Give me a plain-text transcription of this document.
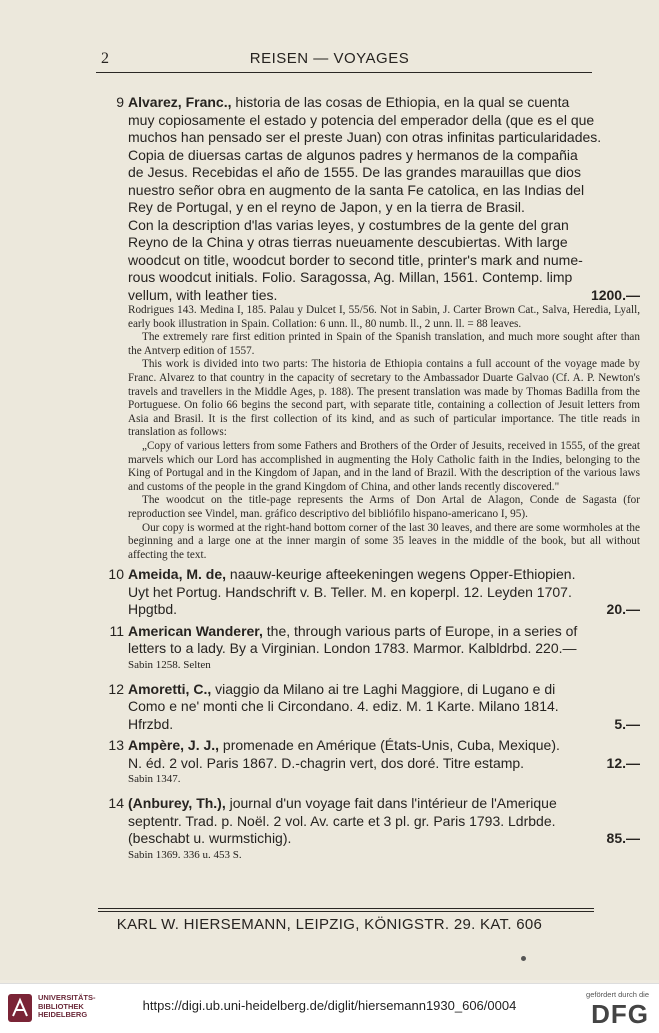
2	REISEN — VOYAGES
9 Alvarez, Franc., historia de las cosas de Ethiopia, en la qual se cuenta
muy copiosamente el estado y potencia del emperador della (que es el que
muchos han pensado ser el preste Juan) con otras infinitas particularidades.
Copia de diuersas cartas de algunos padres y hermanos de la compañia
de Jesus. Recebidas el año de 1555. De las grandes marauillas que dios
nuestro señor obra en augmento de la santa Fe catolica, en las Indias del
Rey de Portugal, y en el reyno de Japon, y en la tierra de Brasil.
Con la description d'las varias leyes, y costumbres de la gente del gran
Reyno de la China y otras tierras nueuamente descubiertas. With large
woodcut on title, woodcut border to second title, printer's mark and nume-
rous woodcut initials. Folio. Saragossa, Ag. Millan, 1561. Contemp. limp
vellum, with leather ties.	1200.—

Rodrigues 143. Medina I, 185. Palau y Dulcet I, 55/56. Not in Sabin, J. Carter Brown Cat., Salva, Heredia, Lyall, early book illustration in Spain. Collation: 6 unn. ll., 80 numb. ll., 2 unn. ll. = 88 leaves.

The extremely rare first edition printed in Spain of the Spanish translation, and much more sought after than the Antverp edition of 1557.

This work is divided into two parts: The historia de Ethiopia contains a full account of the voyage made by Franc. Alvarez to that country in the capacity of secretary to the Ambassador Duarte Galvao (Cf. A. P. Newton's travels and travellers in the Middle Ages, p. 188). The present translation was made by Thomas Badilla from the Portuguese. On folio 66 begins the second part, with separate title, containing a collection of Jesuit letters from Asia and Brasil. It is the first collection of its kind, and as such of particular importance. The title reads in translation as follows:

„Copy of various letters from some Fathers and Brothers of the Order of Jesuits, received in 1555, of the great marvels which our Lord has accomplished in augmenting the Holy Catholic faith in the Indies, belonging to the King of Portugal and in the Kingdom of Japan, and in the land of Brazil. With the description of the various laws and customs of the people in the grand Kingdom of China, and other lands recently discovered."

The woodcut on the title-page represents the Arms of Don Artal de Alagon, Conde de Sagasta (for reproduction see Vindel, man. gráfico descriptivo del bibliófilo hispano-americano I, 95).

Our copy is wormed at the right-hand bottom corner of the last 30 leaves, and there are some wormholes at the beginning and a large one at the inner margin of some 35 leaves in the middle of the book, but all without affecting the text.

10 Ameida, M. de, naauw-keurige afteekeningen wegens Opper-Ethiopien.
Uyt het Portug. Handschrift v. B. Teller. M. en koperpl. 12. Leyden 1707.
Hpgtbd.	20.—
11 American Wanderer, the, through various parts of Europe, in a series of
letters to a lady. By a Virginian. London 1783. Marmor. Kalbldrbd. 220.—
Sabin 1258. Selten
12 Amoretti, C., viaggio da Milano ai tre Laghi Maggiore, di Lugano e di
Como e ne' monti che li Circondano. 4. ediz. M. 1 Karte. Milano 1814.
Hfrzbd.	5.—
13 Ampère, J. J., promenade en Amérique (États-Unis, Cuba, Mexique).
N. éd. 2 vol. Paris 1867. D.-chagrin vert, dos doré. Titre estamp.	12.—
Sabin 1347.
14 (Anburey, Th.), journal d'un voyage fait dans l'intérieur de l'Amerique
septentr. Trad. p. Noël. 2 vol. Av. carte et 3 pl. gr. Paris 1793. Ldrbde.
(beschabt u. wurmstichig).	85.—
Sabin 1369. 336 u. 453 S.
KARL W. HIERSEMANN, LEIPZIG, KÖNIGSTR. 29. KAT. 606
UNIVERSITÄTS-
BIBLIOTHEK
HEIDELBERG
https://digi.ub.uni-heidelberg.de/diglit/hiersemann1930_606/0004
gefördert durch die
DFG
